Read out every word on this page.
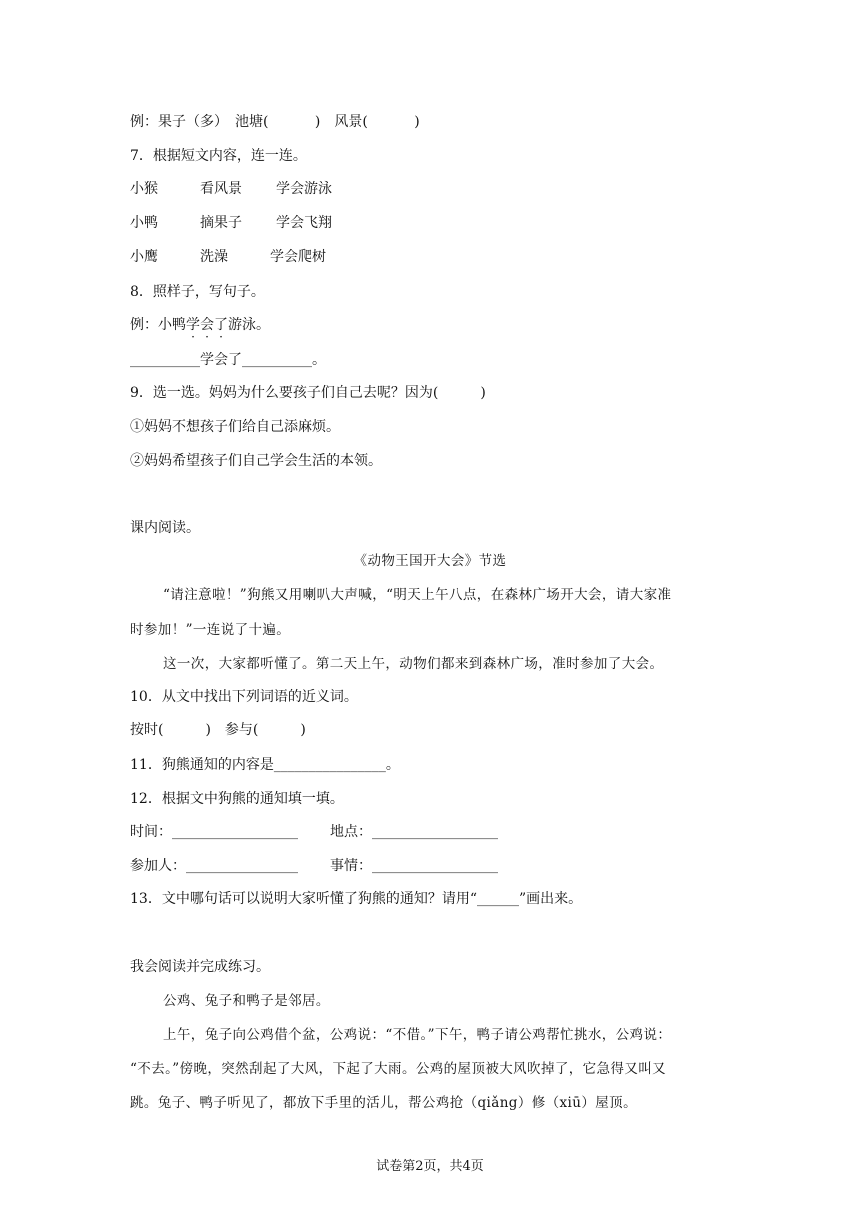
例：果子（多）　池塘(　　　 )　风景(　　　 )
7．根据短文内容，连一连。
小猴	看风景 学会游泳
小鸭	摘果子 学会飞翔
小鹰	洗澡	学会爬树
8．照样子，写句子。
例：小鸭学会了游泳。
__________学会了__________。
9．选一选。妈妈为什么要孩子们自己去呢？因为(　　　)
①妈妈不想孩子们给自己添麻烦。
②妈妈希望孩子们自己学会生活的本领。
课内阅读。
《动物王国开大会》节选
“请注意啦！”狗熊又用喇叭大声喊，“明天上午八点，在森林广场开大会，请大家准
时参加！”一连说了十遍。
这一次，大家都听懂了。第二天上午，动物们都来到森林广场，准时参加了大会。
10．从文中找出下列词语的近义词。
按时(　　　)　参与(　　　)
11．狗熊通知的内容是________________。
12．根据文中狗熊的通知填一填。
时间：__________________ 地点：__________________
参加人：________________ 事情：__________________
13．文中哪句话可以说明大家听懂了狗熊的通知？请用“______”画出来。
我会阅读并完成练习。
公鸡、兔子和鸭子是邻居。
上午，兔子向公鸡借个盆，公鸡说：“不借。”下午，鸭子请公鸡帮忙挑水，公鸡说：
“不去。”傍晚，突然刮起了大风，下起了大雨。公鸡的屋顶被大风吹掉了，它急得又叫又
跳。兔子、鸭子听见了，都放下手里的活儿，帮公鸡抢（qiǎng）修（xiū）屋顶。
试卷第2页，共4页
